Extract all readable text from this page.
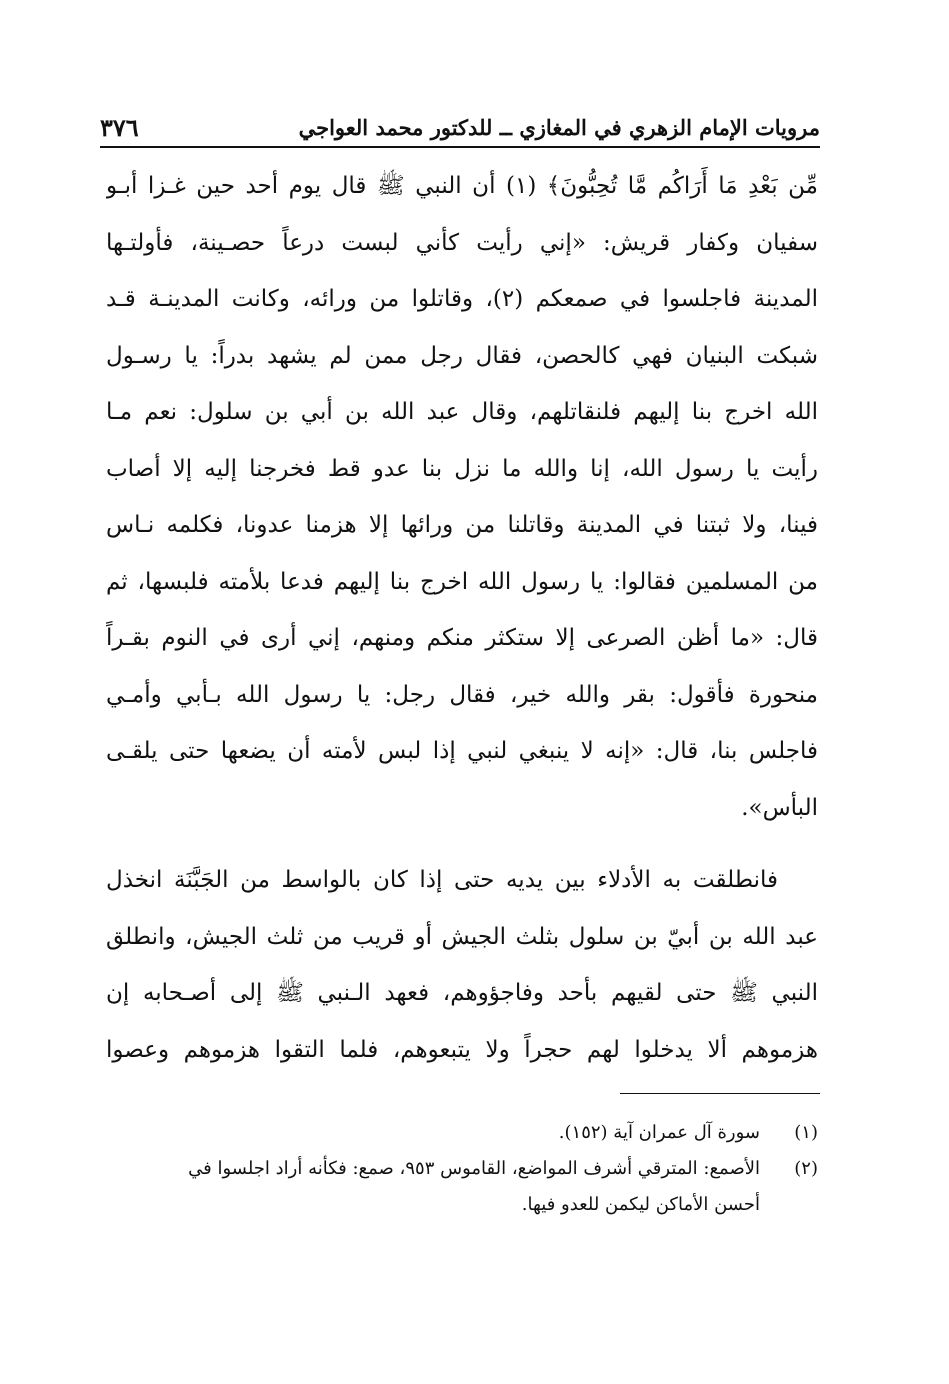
مرويات الإمام الزهري في المغازي ــ للدكتور محمد العواجي
٣٧٦
مِّن بَعْدِ مَا أَرَاكُم مَّا تُحِبُّونَ﴾ (١) أن النبي ﷺ قال يوم أحد حين غـزا أبـو
سفيان وكفار قريش: «إني رأيت كأني لبست درعاً حصـينة، فأولتـها
المدينة فاجلسوا في صمعكم (٢)، وقاتلوا من ورائه، وكانت المدينـة قـد
شبكت البنيان فهي كالحصن، فقال رجل ممن لم يشهد بدراً: يا رسـول
الله اخرج بنا إليهم فلنقاتلهم، وقال عبد الله بن أبي بن سلول: نعم مـا
رأيت يا رسول الله، إنا والله ما نزل بنا عدو قط فخرجنا إليه إلا أصاب
فينا، ولا ثبتنا في المدينة وقاتلنا من ورائها إلا هزمنا عدونا، فكلمه نـاس
من المسلمين فقالوا: يا رسول الله اخرج بنا إليهم فدعا بلأمته فلبسها، ثم
قال: «ما أظن الصرعى إلا ستكثر منكم ومنهم، إني أرى في النوم بقـراً
منحورة فأقول: بقر والله خير، فقال رجل: يا رسول الله بـأبي وأمـي
فاجلس بنا، قال: «إنه لا ينبغي لنبي إذا لبس لأمته أن يضعها حتى يلقـى
البأس».
فانطلقت به الأدلاء بين يديه حتى إذا كان بالواسط من الجَبَّنَة انخذل
عبد الله بن أبيّ بن سلول بثلث الجيش أو قريب من ثلث الجيش، وانطلق
النبي ﷺ حتى لقيهم بأحد وفاجؤوهم، فعهد الـنبي ﷺ إلى أصـحابه إن
هزموهم ألا يدخلوا لهم حجراً ولا يتبعوهم، فلما التقوا هزموهم وعصوا
(١)
سورة آل عمران آية (١٥٢).
(٢)
الأصمع: المترقي أشرف المواضع، القاموس ٩٥٣، صمع: فكأنه أراد اجلسوا في
أحسن الأماكن ليكمن للعدو فيها.
